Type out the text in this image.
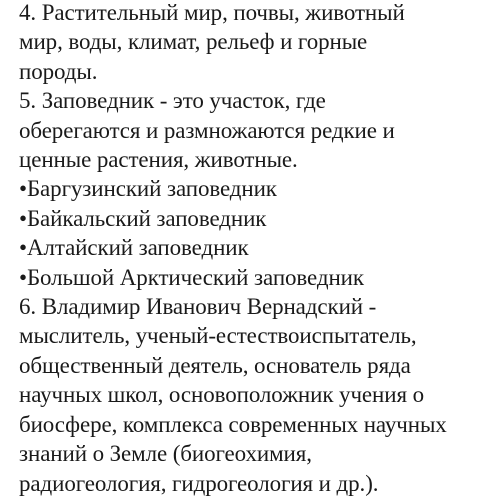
4. Растительный мир, почвы, животный
мир, воды, климат, рельеф и горные
породы.
5. Заповедник - это участок, где
оберегаются и размножаются редкие и
ценные растения, животные.
•Баргузинский заповедник
•Байкальский заповедник
•Алтайский заповедник
•Большой Арктический заповедник
6. Владимир Иванович Вернадский -
мыслитель, ученый-естествоиспытатель,
общественный деятель, основатель ряда
научных школ, основоположник учения о
биосфере, комплекса современных научных
знаний о Земле (биогеохимия,
радиогеология, гидрогеология и др.).
